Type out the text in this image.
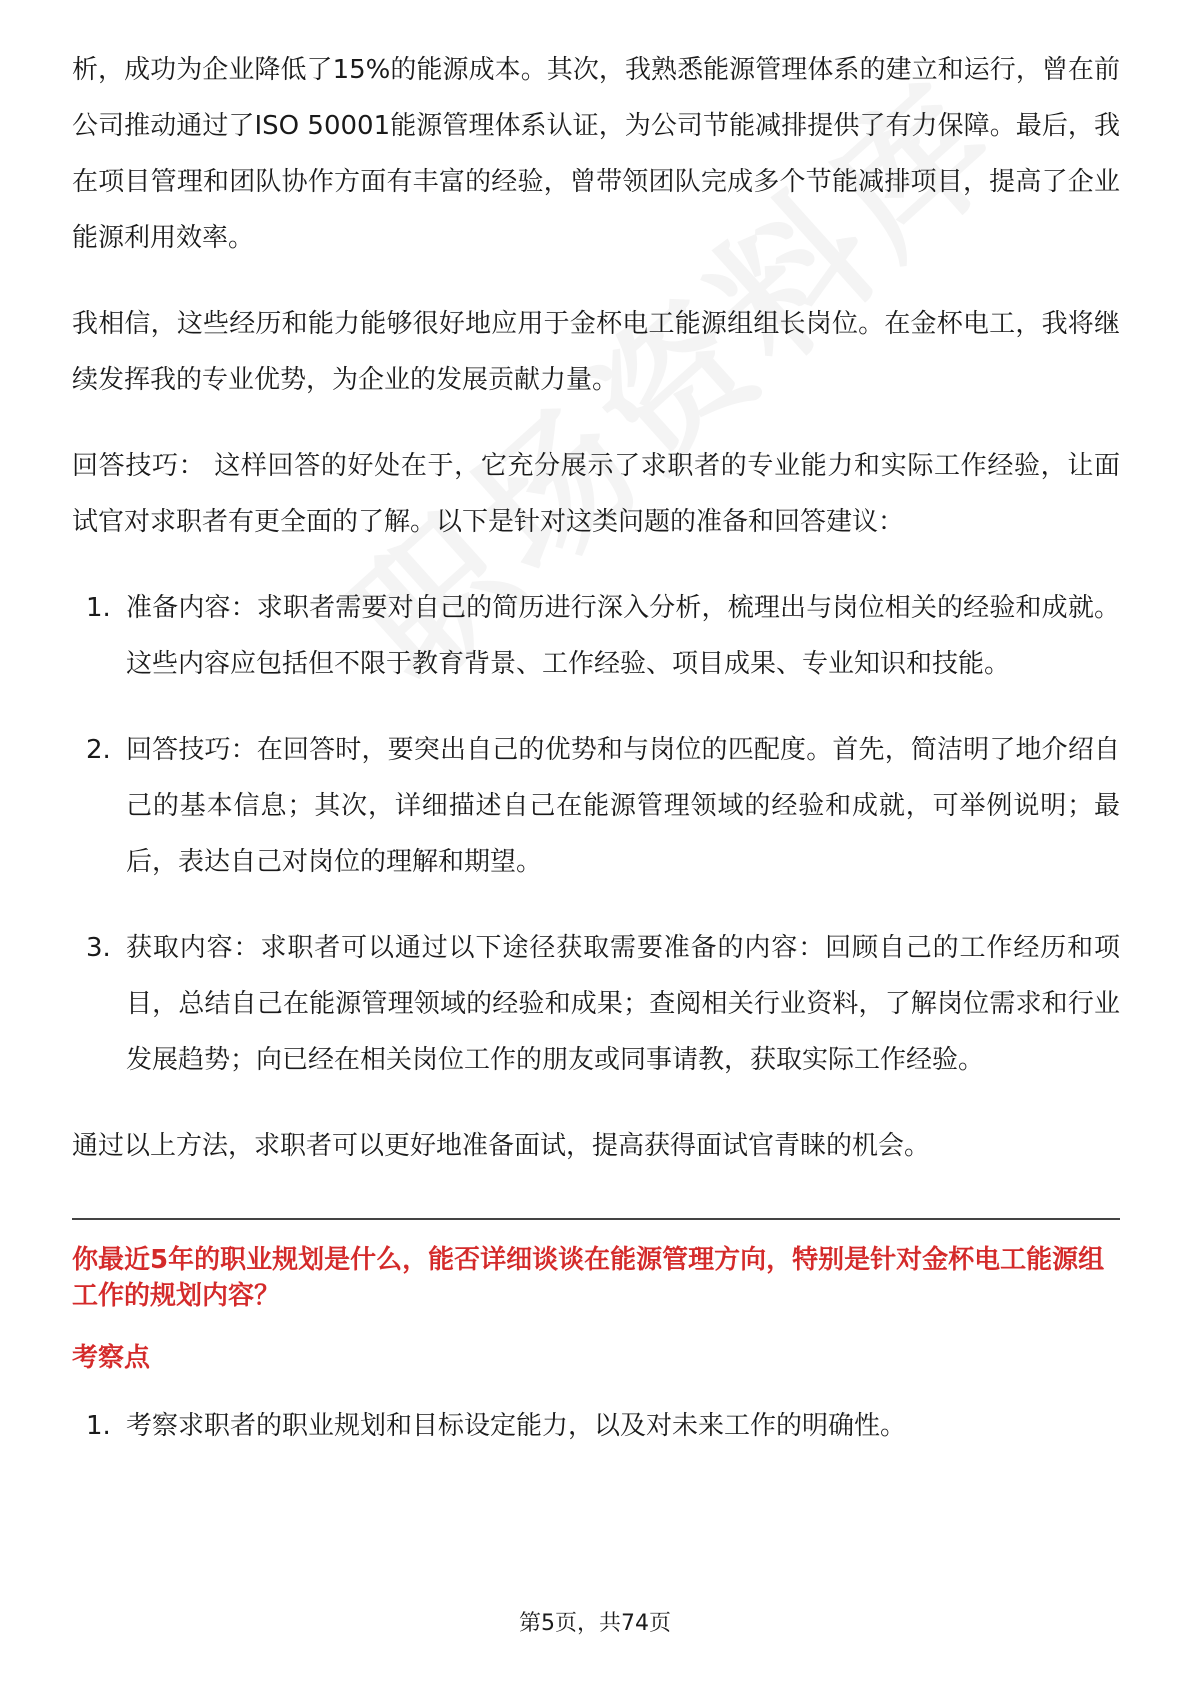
析，成功为企业降低了15%的能源成本。其次，我熟悉能源管理体系的建立和运行，曾在前公司推动通过了ISO 50001能源管理体系认证，为公司节能减排提供了有力保障。最后，我在项目管理和团队协作方面有丰富的经验，曾带领团队完成多个节能减排项目，提高了企业能源利用效率。

我相信，这些经历和能力能够很好地应用于金杯电工能源组组长岗位。在金杯电工，我将继续发挥我的专业优势，为企业的发展贡献力量。

回答技巧： 这样回答的好处在于，它充分展示了求职者的专业能力和实际工作经验，让面试官对求职者有更全面的了解。以下是针对这类问题的准备和回答建议：

1. 准备内容：求职者需要对自己的简历进行深入分析，梳理出与岗位相关的经验和成就。这些内容应包括但不限于教育背景、工作经验、项目成果、专业知识和技能。
2. 回答技巧：在回答时，要突出自己的优势和与岗位的匹配度。首先，简洁明了地介绍自己的基本信息；其次，详细描述自己在能源管理领域的经验和成就，可举例说明；最后，表达自己对岗位的理解和期望。
3. 获取内容：求职者可以通过以下途径获取需要准备的内容：回顾自己的工作经历和项目，总结自己在能源管理领域的经验和成果；查阅相关行业资料，了解岗位需求和行业发展趋势；向已经在相关岗位工作的朋友或同事请教，获取实际工作经验。

通过以上方法，求职者可以更好地准备面试，提高获得面试官青睐的机会。

你最近5年的职业规划是什么，能否详细谈谈在能源管理方向，特别是针对金杯电工能源组工作的规划内容？

考察点

1. 考察求职者的职业规划和目标设定能力，以及对未来工作的明确性。
第5页，共74页
